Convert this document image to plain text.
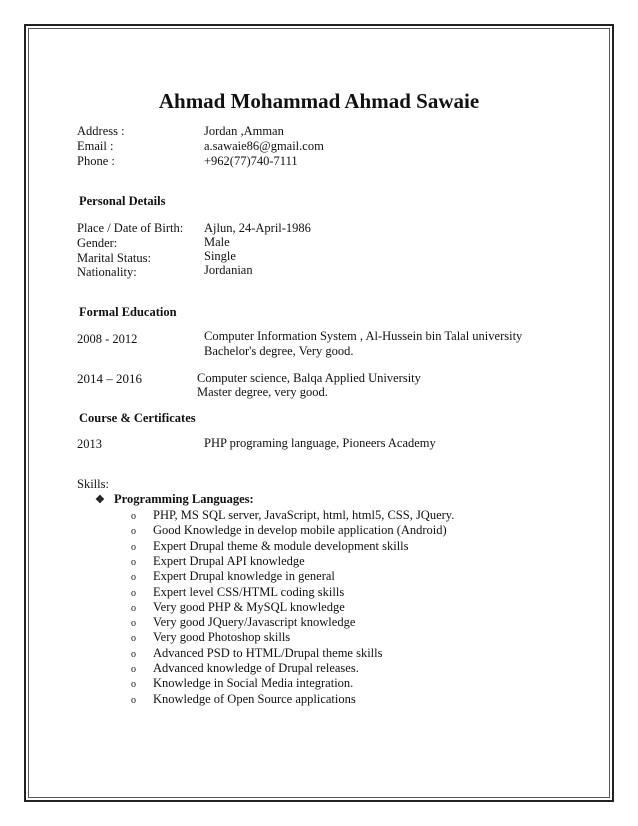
Ahmad Mohammad Ahmad Sawaie
Address :	Jordan ,Amman
Email :	a.sawaie86@gmail.com
Phone :	+962(77)740-7111
Personal Details
Place / Date of Birth: Ajlun, 24-April-1986
Gender:	Male
Marital Status:	Single
Nationality:	Jordanian
Formal Education
2008 - 2012	Computer Information System , Al-Hussein bin Talal university
Bachelor's degree, Very good.
2014 – 2016	Computer science, Balqa Applied University
Master degree, very good.
Course & Certificates
2013	PHP programing language, Pioneers Academy
Skills:
❖ Programming Languages:
o PHP, MS SQL server, JavaScript, html, html5, CSS, JQuery.
o Good Knowledge in develop mobile application (Android)
o Expert Drupal theme & module development skills
o Expert Drupal API knowledge
o Expert Drupal knowledge in general
o Expert level CSS/HTML coding skills
o Very good PHP & MySQL knowledge
o Very good JQuery/Javascript knowledge
o Very good Photoshop skills
o Advanced PSD to HTML/Drupal theme skills
o Advanced knowledge of Drupal releases.
o Knowledge in Social Media integration.
o Knowledge of Open Source applications
